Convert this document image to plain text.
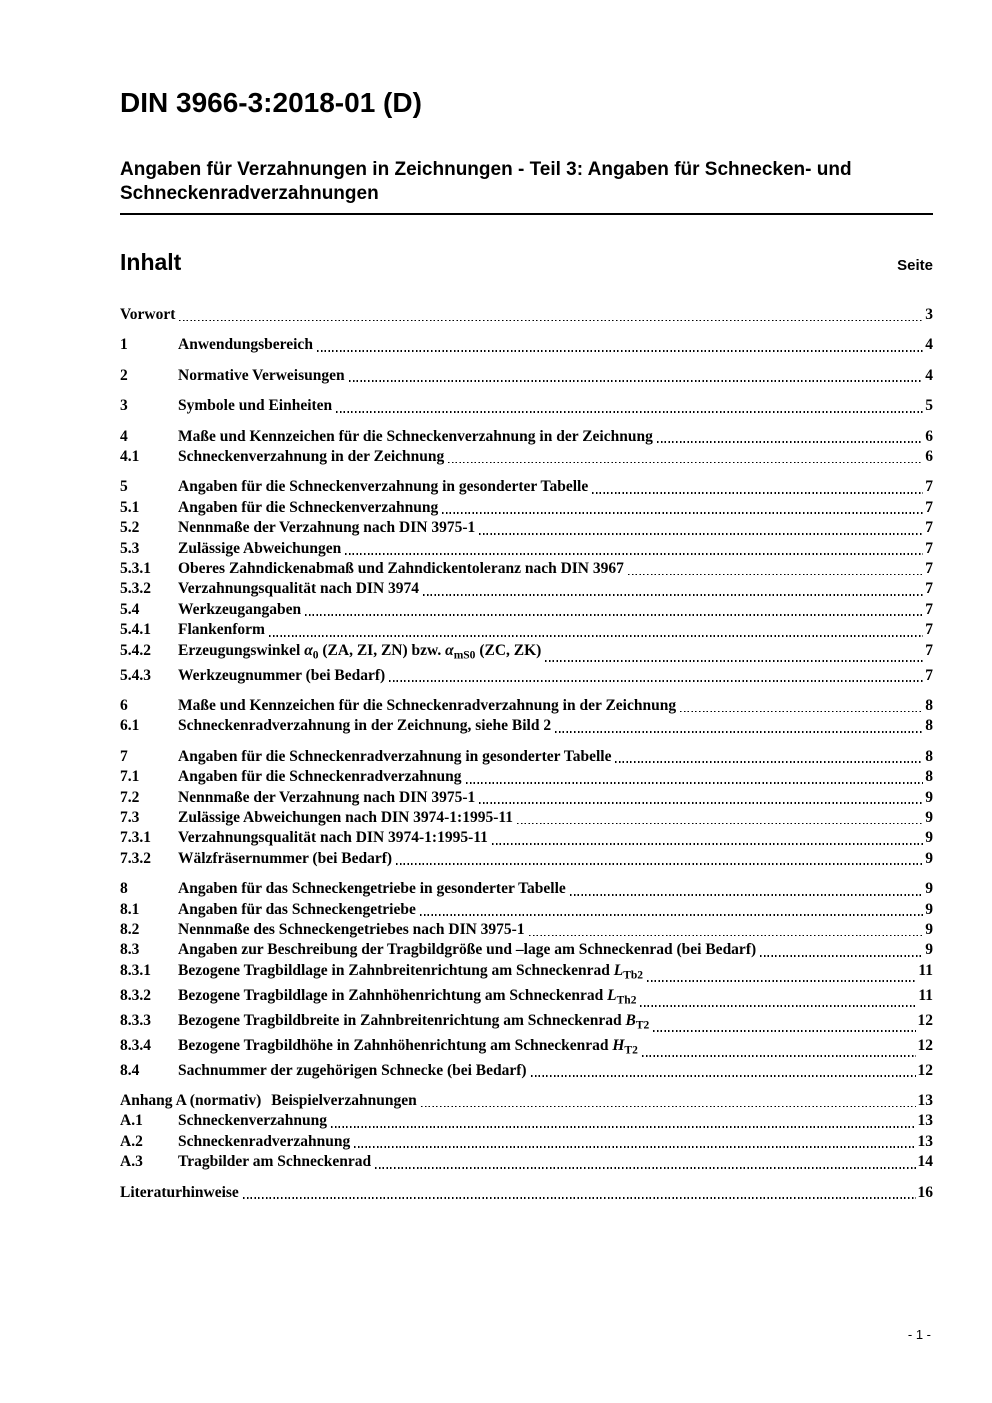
DIN 3966-3:2018-01 (D)
Angaben für Verzahnungen in Zeichnungen - Teil 3: Angaben für Schnecken- und Schneckenradverzahnungen
Inhalt	Seite
Vorwort	3
1	Anwendungsbereich	4
2	Normative Verweisungen	4
3	Symbole und Einheiten	5
4	Maße und Kennzeichen für die Schneckenverzahnung in der Zeichnung	6
4.1	Schneckenverzahnung in der Zeichnung	6
5	Angaben für die Schneckenverzahnung in gesonderter Tabelle	7
5.1	Angaben für die Schneckenverzahnung	7
5.2	Nennmaße der Verzahnung nach DIN 3975-1	7
5.3	Zulässige Abweichungen	7
5.3.1	Oberes Zahndickenabmaß und Zahndickentoleranz nach DIN 3967	7
5.3.2	Verzahnungsqualität nach DIN 3974	7
5.4	Werkzeugangaben	7
5.4.1	Flankenform	7
5.4.2	Erzeugungswinkel $\alpha_0$ (ZA, ZI, ZN) bzw. $\alpha_{mS0}$ (ZC, ZK)	7
5.4.3	Werkzeugnummer (bei Bedarf)	7
6	Maße und Kennzeichen für die Schneckenradverzahnung in der Zeichnung	8
6.1	Schneckenradverzahnung in der Zeichnung, siehe Bild 2	8
7	Angaben für die Schneckenradverzahnung in gesonderter Tabelle	8
7.1	Angaben für die Schneckenradverzahnung	8
7.2	Nennmaße der Verzahnung nach DIN 3975-1	9
7.3	Zulässige Abweichungen nach DIN 3974-1:1995-11	9
7.3.1	Verzahnungsqualität nach DIN 3974-1:1995-11	9
7.3.2	Wälzfräsernummer (bei Bedarf)	9
8	Angaben für das Schneckengetriebe in gesonderter Tabelle	9
8.1	Angaben für das Schneckengetriebe	9
8.2	Nennmaße des Schneckengetriebes nach DIN 3975-1	9
8.3	Angaben zur Beschreibung der Tragbildgröße und –lage am Schneckenrad (bei Bedarf)	9
8.3.1	Bezogene Tragbildlage in Zahnbreitenrichtung am Schneckenrad $L_{Tb2}$	11
8.3.2	Bezogene Tragbildlage in Zahnhöhenrichtung am Schneckenrad $L_{Th2}$	11
8.3.3	Bezogene Tragbildbreite in Zahnbreitenrichtung am Schneckenrad $B_{T2}$	12
8.3.4	Bezogene Tragbildhöhe in Zahnhöhenrichtung am Schneckenrad $H_{T2}$	12
8.4	Sachnummer der zugehörigen Schnecke (bei Bedarf)	12
Anhang A (normativ) Beispielverzahnungen	13
A.1	Schneckenverzahnung	13
A.2	Schneckenradverzahnung	13
A.3	Tragbilder am Schneckenrad	14
Literaturhinweise	16
- 1 -
